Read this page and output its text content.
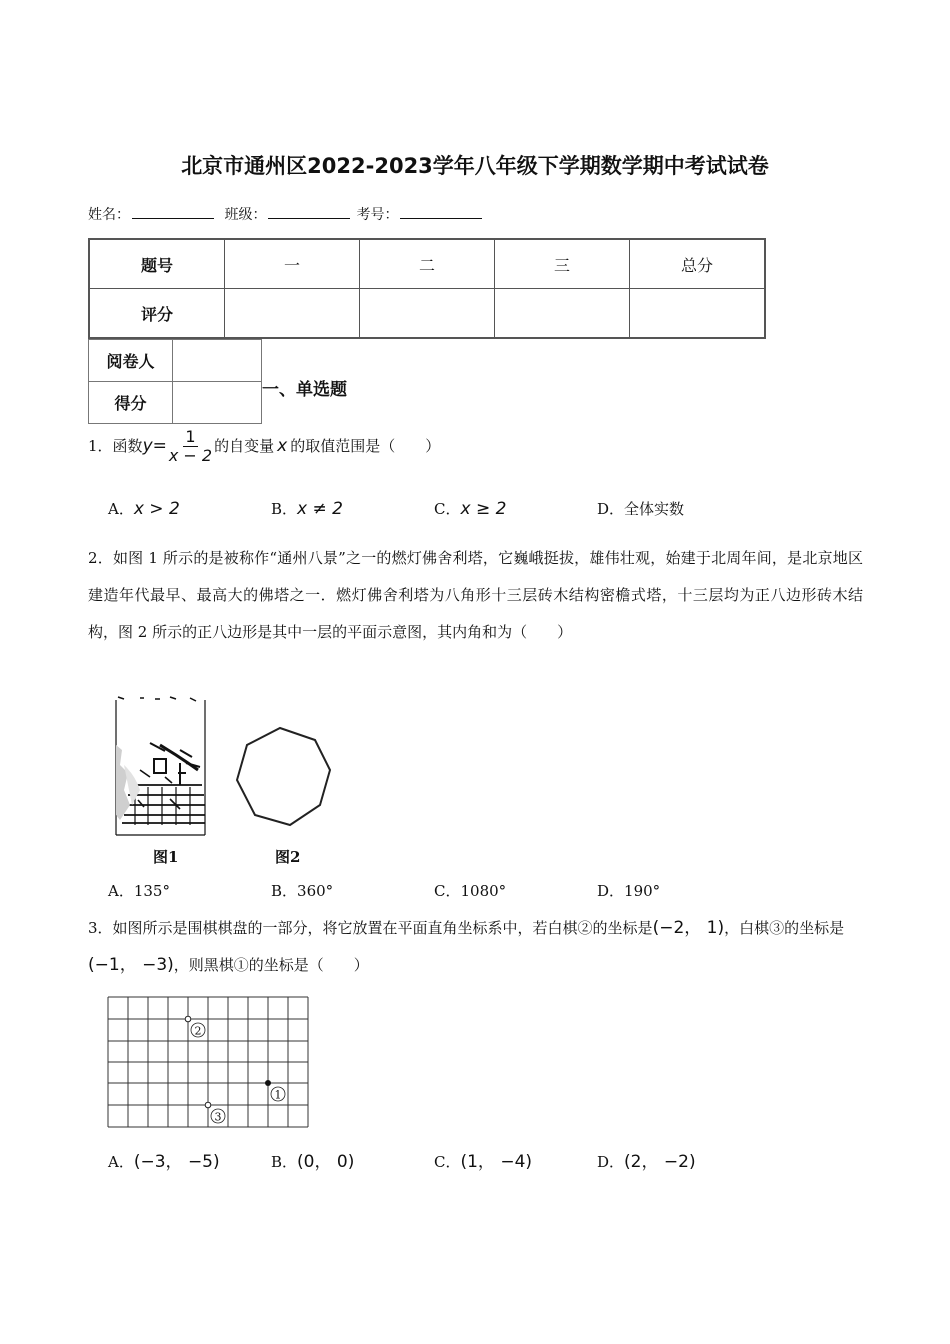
北京市通州区2022-2023学年八年级下学期数学期中考试试卷
姓名：	班级：	考号：
题号	一	二	三	总分
评分				
阅卷人	
得分	
一、单选题
1． 函数 $y = \frac{1}{x - 2}$ 的自变量 x 的取值范围是（　　）
A．x > 2	B．x ≠ 2	C．x ≥ 2	D．全体实数
2．如图 1 所示的是被称作“通州八景”之一的燃灯佛舍利塔，它巍峨挺拔，雄伟壮观，始建于北周年间，是北京地区建造年代最早、最高大的佛塔之一．燃灯佛舍利塔为八角形十三层砖木结构密檐式塔，十三层均为正八边形砖木结构，图 2 所示的正八边形是其中一层的平面示意图，其内角和为（　　）
图1	图2
A．135°	B．360°	C．1080°	D．190°
3．如图所示是围棋棋盘的一部分，将它放置在平面直角坐标系中，若白棋②的坐标是(−2， 1)，白棋③的坐标是(−1， −3)，则黑棋①的坐标是（　　）
2
1
3
A．(−3， −5)	B．(0， 0)	C．(1， −4)	D．(2， −2)
